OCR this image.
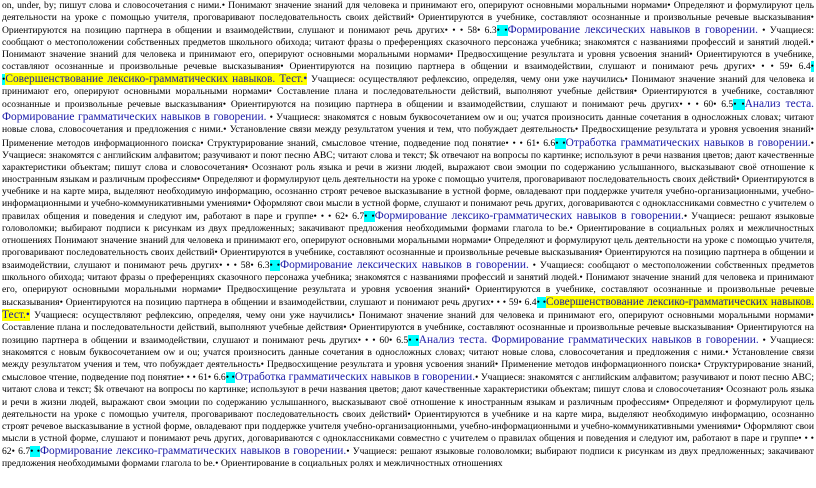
on, under, by; пишут слова и словосочетания с ними.• Понимают значение знаний для человека и принимают его, оперируют основными моральными нормами• Определяют и формулируют цель деятельности на уроке с помощью учителя, проговаривают последовательность своих действий• Ориентируются в учебнике, составляют осознанные и произвольные речевые высказывания• Ориентируются на позицию партнера в общении и взаимодействии, слушают и понимают речь других• • • 58• 6.3• •Формирование лексических навыков в говорении. • Учащиеся: сообщают о местоположении собственных предметов школьного обихода; читают фразы о преференциях сказочного персонажа учебника; знакомятся с названиями профессий и занятий людей.• Понимают значение знаний для человека и принимают его, оперируют основными моральными нормами• Предвосхищение результата и уровня усвоения знаний• Ориентируются в учебнике, составляют осознанные и произвольные речевые высказывания• Ориентируются на позицию партнера в общении и взаимодействии, слушают и понимают речь других• • • 59• 6.4• •Совершенствование лексико-грамматических навыков. Тест.• Учащиеся: осуществляют рефлексию, определяя, чему они уже научились• Понимают значение знаний для человека и принимают его, оперируют основными моральными нормами• Составление плана и последовательности действий, выполняют учебные действия• Ориентируются в учебнике, составляют осознанные и произвольные речевые высказывания• Ориентируются на позицию партнера в общении и взаимодействии, слушают и понимают речь других• • • 60• 6.5• •Анализ теста. Формирование грамматических навыков в говорении. • Учащиеся: знакомятся с новым буквосочетанием ow и ou; учатся произносить данные сочетания в односложных словах; читают новые слова, словосочетания и предложения с ними.• Установление связи между результатом учения и тем, что побуждает деятельность• Предвосхищение результата и уровня усвоения знаний• Применение методов информационного поиска• Структурирование знаний, смысловое чтение, подведение под понятие• • • 61• 6.6• •Отработка грамматических навыков в говорении.• Учащиеся: знакомятся с английским алфавитом; разучивают и поют песню ABC; читают слова и текст; $k отвечают на вопросы по картинке; используют в речи названия цветов; дают качественные характеристики объектам; пишут слова и словосочетания• Осознают роль языка и речи в жизни людей, выражают свои эмоции по содержанию услышанного, высказывают своё отношение к иностранным языкам и различным профессиям• Определяют и формулируют цель деятельности на уроке с помощью учителя, проговаривают последовательность своих действий• Ориентируются в учебнике и на карте мира, выделяют необходимую информацию, осознанно строят речевое высказывание в устной форме, овладевают при поддержке учителя учебно-организационными, учебно-информационными и учебно-коммуникативными умениями• Оформляют свои мысли в устной форме, слушают и понимают речь других, договариваются с одноклассниками совместно с учителем о правилах общения и поведения и следуют им, работают в паре и группе• • • 62• 6.7• •Формирование лексико-грамматических навыков в говорении.• Учащиеся: решают языковые головоломки; выбирают подписи к рисункам из двух предложенных; закачивают предложения необходимыми формами глагола to be.• Ориентирование в социальных ролях и межличностных отношениях Понимают значение знаний для человека и принимают его, оперируют основными моральными нормами• Определяют и формулируют цель деятельности на уроке с помощью учителя, проговаривают последовательность своих действий• Ориентируются в учебнике, составляют осознанные и произвольные речевые высказывания• Ориентируются на позицию партнера в общении и взаимодействии, слушают и понимают речь других• • • 58• 6.3• •Формирование лексических навыков в говорении. • Учащиеся: сообщают о местоположении собственных предметов школьного обихода; читают фразы о преференциях сказочного персонажа учебника; знакомятся с названиями профессий и занятий людей.• Понимают значение знаний для человека и принимают его, оперируют основными моральными нормами• Предвосхищение результата и уровня усвоения знаний• Ориентируются в учебнике, составляют осознанные и произвольные речевые высказывания• Ориентируются на позицию партнера в общении и взаимодействии, слушают и понимают речь других• • • 59• 6.4• •Совершенствование лексико-грамматических навыков. Тест.• Учащиеся: осуществляют рефлексию, определяя, чему они уже научились• Понимают значение знаний для человека и принимают его, оперируют основными моральными нормами• Составление плана и последовательности действий, выполняют учебные действия• Ориентируются в учебнике, составляют осознанные и произвольные речевые высказывания• Ориентируются на позицию партнера в общении и взаимодействии, слушают и понимают речь других• • • 60• 6.5• •Анализ теста. Формирование грамматических навыков в говорении. • Учащиеся: знакомятся с новым буквосочетанием ow и ou; учатся произносить данные сочетания в односложных словах; читают новые слова, словосочетания и предложения с ними.• Установление связи между результатом учения и тем, что побуждает деятельность• Предвосхищение результата и уровня усвоения знаний• Применение методов информационного поиска• Структурирование знаний, смысловое чтение, подведение под понятие• • • 61• 6.6• •Отработка грамматических навыков в говорении.• Учащиеся: знакомятся с английским алфавитом; разучивают и поют песню ABC; читают слова и текст; $k отвечают на вопросы по картинке; используют в речи названия цветов; дают качественные характеристики объектам; пишут слова и словосочетания• Осознают роль языка и речи в жизни людей, выражают свои эмоции по содержанию услышанного, высказывают своё отношение к иностранным языкам и различным профессиям• Определяют и формулируют цель деятельности на уроке с помощью учителя, проговаривают последовательность своих действий• Ориентируются в учебнике и на карте мира, выделяют необходимую информацию, осознанно строят речевое высказывание в устной форме, овладевают при поддержке учителя учебно-организационными, учебно-информационными и учебно-коммуникативными умениями• Оформляют свои мысли в устной форме, слушают и понимают речь других, договариваются с одноклассниками совместно с учителем о правилах общения и поведения и следуют им, работают в паре и группе• • • 62• 6.7• •Формирование лексико-грамматических навыков в говорении.• Учащиеся: решают языковые головоломки; выбирают подписи к рисункам из двух предложенных; закачивают предложения необходимыми формами глагола to be.• Ориентирование в социальных ролях и межличностных отношениях
